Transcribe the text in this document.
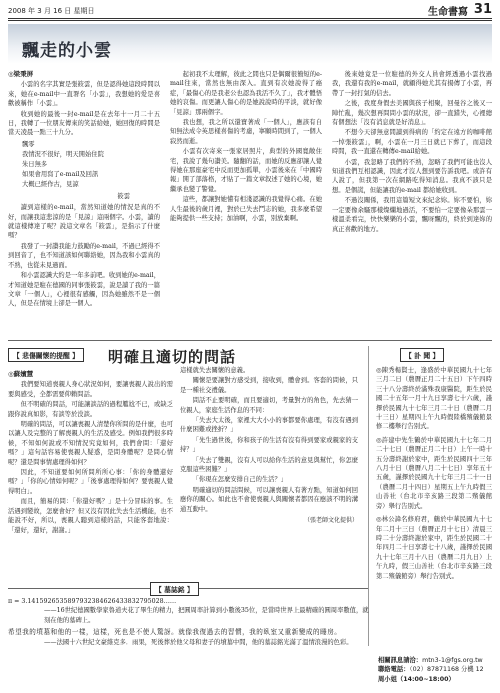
2008 年 3 月 16 日 星期日	生命書寫 31
飄走的小雲
◎梁秉屏

小雲的名字其實是張筱雲，但是認得她這段時間以來，她在e-mail中一直署名「小雲」，我想她的爱是喜歡被稱作「小雲」。

收到她的最後一封e-mail是在去年十一月二十五日，我轉了一位朋友傳來的笑話給她，她回復的時間是當天凌晨一點三十九分。

飄零
我情況不很好，明天開始住院
朱日無多
如果會用寫了e-mail及回訊
大概已經作古，見諒
筱雲

讀到這樣的e-mail，當然知道她的情況是真的不好，而讓我這悲涼的是「見諒」這兩個字。小雲，讀的就這樣傳達了呢？說這文章名「筱雲」，是指示了什麼嗎？

我發了一封讚我能力鼓勵的e-mail，不過已經得不到回音了，也不知道該如何聯絡她，因為我和小雲真的不熟，也從未見過面。

和小雲認識大約是一年多前吧。收到她的e-mail，才知道她是駐在德國的同事張筱雲，說是讀了我的一篇文章「一個人」，心裡很有感觸，因為她雖然不是一個人，但是在情境上卻是一個人。

起初我不太理解，彼此之間也只是偶爾很簡短的e-mail往來，當然也無由深入。直到有次她說得了癌症，「最傷心的是我老公也認為我活不久了」，我才體悟她的哀傷。而更讓人傷心的是她說說時的平淡，就好像「見諒」那兩個字。

我也想，我之所以還寶著成「一個人」，應該有自知無法成令英思樣喜傷的考慮，寧願時間到了，一個人寂然而逝。

小雲有次寄來一張家居照片，典型的外國寬敞住宅，我說了幾句讚美。隨翻的話，而她的反應卻讓人覺得她在那座豪宅中反而更加孤單，小雲後來在「中國時報」開了部落格，才貼了一篇文章叙述了她的心境，她繼承也變了警覺。

這些，都讓對她懂有相淺認識的我覺得心痛。在她人生最後的歲月裡，對於已失去鬥志的她，我多麼希望能夠提供一些支持；加油啊，小雲，別放棄啊。

後來她竟是一位駐德的外交人員會經透過小雲找過我，我還有我的e-mail，就顧得她尤其有揚傳了小雲，再帶了一封打氣的信去。

之後，我度身假去美國與孩子相聚，回曼谷之後又一陣忙亂，幾次想再問問小雲的狀況，卻一直錯失，心裡總有個想法「沒有消息就是好消息」。

不想今天卻無意間讀到得病的「約定在遠方的咖啡館一悼張筱雲」，啊，小雲在一月三日就已下葬了，而這段時間，我一直還在轉傳e-mail給她。

小雲，我忽略了我們的不熟，忽略了我們可能也沒人知道我們互相認識，因此才沒人想到要告訴我吧。或許有人說了，但我第一次在網路吃得知消息。我真不該只是想。是個謊，但能讓我的e-mail 都給她收到。

不過沒關係，我用這篇短文來紀念妳。妳不要怕，妳一定要像余騷那樣燦爛地過活，不要怕一定要像朵那雲一樣溫柔看完，快快樂樂的小雲，飄呀飄的，終於到達妳的真正喜歡的地方。

【 悲傷關懷的提醒 】	明確且適切的問話
◎蘇嬪慧

我們要知道喪親人身心狀況如何，要讓喪親人說出的需要與感受，全都需要仰賴問話。

但不明確的問話，可能讓談話的過程尷尬不已，或缺乏跟你說真如影，有談等於没談。

明確的問話，可以讓喪親人清楚你所問的是什麼，也可以讓人及完整的了解喪親人的生活及感受。例如我們很多時候，不知如何說或不知情況究竟如何，我們會問：「還好嗎？」這句話容易使喪親人疑惑，是問身體呢？是問心情呢？還是問事情處理得如何？

因此，不知道要如何所問所所心事：「你的身體還好嗎？」「你的心情如何呢？」「後事處理得如何？要喪親人覺得明白」。

而且，簡易的問：「你還好嗎？」是十分冒昧的事。生活遇到變故，怎麼會好？但又沒有因此失去生活機能，也不能說不好，所以，喪親人聽到這樣的話，只能客套地說：「還好，還好，謝謝。」

這樣就失去關懷的意義。

關懷是要讓對方感受到，接收到，體會到。客套的問候，只是一種社交禮儀。

問話不止要明確，而且要適切，考量對方的角色，先去猜一位親人，家庭生活作息的不同：

「失去大太後，家裡大大小小的事都要你處理，有沒有遇到什麼困難或挫折？」

「先生過世後，你和孩子的生活有沒有得到要家或親家的支持？」

「失去了雙親，沒有人可以給你生活的意見與幫忙，你怎麼克服這些困難？」

「你現在怎麼安排自己的生活？」

明確適切的問話問候，可以讓喪親人有著方點，知道如何回應你的關心。如此也不會使喪親人與關懷者都因在應該不明的溝通互動中。

（張老師文化提供）
【 訃 聞 】

◎陳秀楊賢士，逢盛於中華民國九十七年三月二日（農曆正月二十五日）下午四時三十八分壽終於滿殊我康醫院，距生於民國二十五年一月十九日享壽七十六歲，謹擇於民國九十七年三月二十日（農曆二月十三日）星期四上午九時假陸橋殯儀館景修二樓舉行告別式。

◎許建中先生鶴於中華民國九十七年二月二十七日（農曆正月二十日）上午一時十五分壽終謝於家中，距生於民國四十三年八月十日（農曆八月二十七日）享年五十五歲，謹擇於民國九十七年三月二十一日（農曆二月十四日）星期五上午九時假三山善社（台北市辛亥路三段第二殯儀館旁）舉行告別式。

◎林公諱名修府君，鶴於中華民國九十七年二月十三日（農曆正月十七日）清晨三時二十分壽終謝於家中，距生於民國二十年四月二十日享壽七十八歲，謹擇於民國九十七年三月十八日（農曆二月九日）上午九時，假三山善社（台北市辛亥路三段第二殯儀館旁）舉行告別式。

相關訊息請洽：mtn3-1@fgs.org.tw
聯絡電話：（02）87871168 分機 12
周小姐（14:00~18:00）
【 墓誌銘 】
π = 3.1415926535897932384626433832795028……
——16世紀德國數學家魯道夫花了畢生的精力，把圓周率計算到小數後35位，是當時世界上最精確的圓周率數值，就刻在他的墓碑上。
希望我的墳墓和他的一樣，這樣，死也是不使人驚訝。就像我復過去的習慣，我的臥室又重新變成的睡房。
——法國十六世紀文豪維克多．雨果，死後葬於他父母和妻子的墳墓中間，他的墓誌銘光滿了溫情浪漫的色彩。
